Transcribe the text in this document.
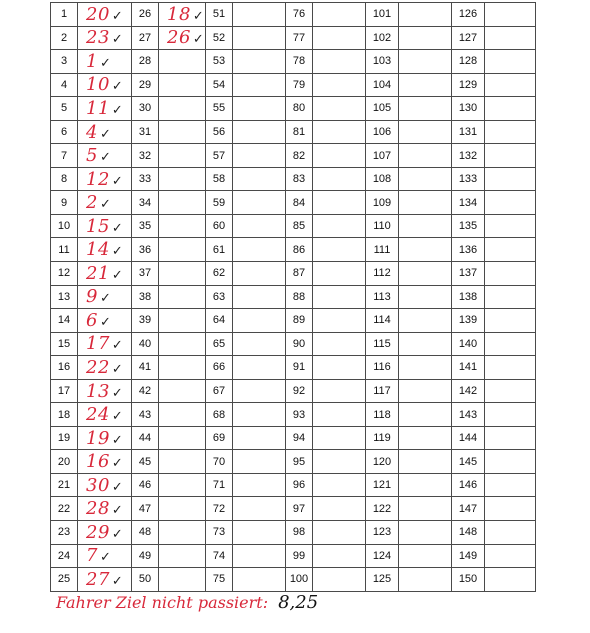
1	20 ✓	26	18 ✓	51		76		101		126	
2	23 ✓	27	26 ✓	52		77		102		127	
3	1 ✓	28		53		78		103		128	
4	10 ✓	29		54		79		104		129	
5	11 ✓	30		55		80		105		130	
6	4 ✓	31		56		81		106		131	
7	5 ✓	32		57		82		107		132	
8	12 ✓	33		58		83		108		133	
9	2 ✓	34		59		84		109		134	
10	15 ✓	35		60		85		110		135	
11	14 ✓	36		61		86		111		136	
12	21 ✓	37		62		87		112		137	
13	9 ✓	38		63		88		113		138	
14	6 ✓	39		64		89		114		139	
15	17 ✓	40		65		90		115		140	
16	22 ✓	41		66		91		116		141	
17	13 ✓	42		67		92		117		142	
18	24 ✓	43		68		93		118		143	
19	19 ✓	44		69		94		119		144	
20	16 ✓	45		70		95		120		145	
21	30 ✓	46		71		96		121		146	
22	28 ✓	47		72		97		122		147	
23	29 ✓	48		73		98		123		148	
24	7 ✓	49		74		99		124		149	
25	27 ✓	50		75		100		125		150	
Fahrer Ziel nicht passiert: 8,25
